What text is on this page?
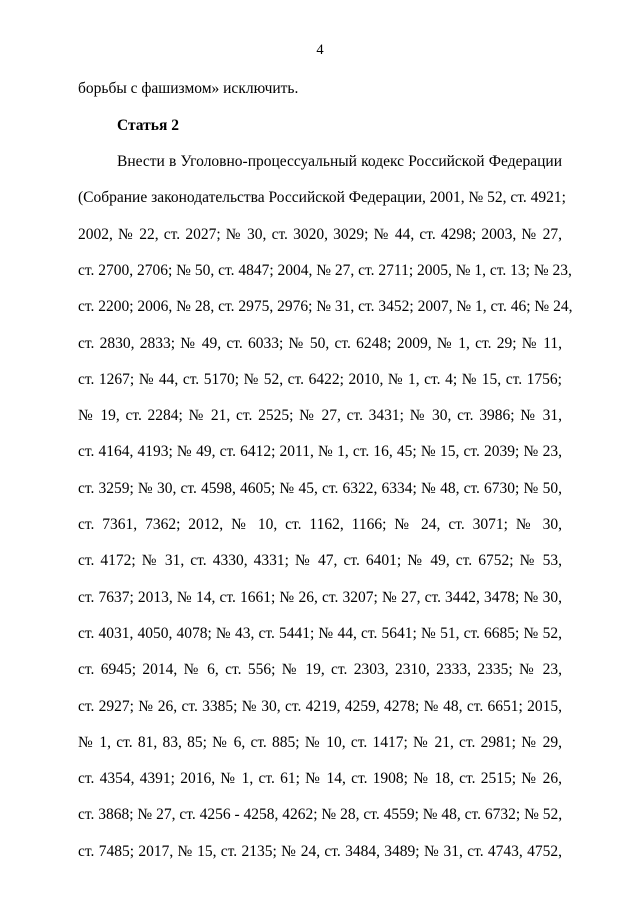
4
борьбы с фашизмом» исключить.
Статья 2
Внести в Уголовно-процессуальный кодекс Российской Федерации
(Собрание законодательства Российской Федерации, 2001, № 52, ст. 4921;
2002, № 22, ст. 2027; № 30, ст. 3020, 3029; № 44, ст. 4298; 2003, № 27,
ст. 2700, 2706; № 50, ст. 4847; 2004, № 27, ст. 2711; 2005, № 1, ст. 13; № 23,
ст. 2200; 2006, № 28, ст. 2975, 2976; № 31, ст. 3452; 2007, № 1, ст. 46; № 24,
ст. 2830, 2833; № 49, ст. 6033; № 50, ст. 6248; 2009, № 1, ст. 29; № 11,
ст. 1267; № 44, ст. 5170; № 52, ст. 6422; 2010, № 1, ст. 4; № 15, ст. 1756;
№ 19, ст. 2284; № 21, ст. 2525; № 27, ст. 3431; № 30, ст. 3986; № 31,
ст. 4164, 4193; № 49, ст. 6412; 2011, № 1, ст. 16, 45; № 15, ст. 2039; № 23,
ст. 3259; № 30, ст. 4598, 4605; № 45, ст. 6322, 6334; № 48, ст. 6730; № 50,
ст. 7361, 7362; 2012, № 10, ст. 1162, 1166; № 24, ст. 3071; № 30,
ст. 4172; № 31, ст. 4330, 4331; № 47, ст. 6401; № 49, ст. 6752; № 53,
ст. 7637; 2013, № 14, ст. 1661; № 26, ст. 3207; № 27, ст. 3442, 3478; № 30,
ст. 4031, 4050, 4078; № 43, ст. 5441; № 44, ст. 5641; № 51, ст. 6685; № 52,
ст. 6945; 2014, № 6, ст. 556; № 19, ст. 2303, 2310, 2333, 2335; № 23,
ст. 2927; № 26, ст. 3385; № 30, ст. 4219, 4259, 4278; № 48, ст. 6651; 2015,
№ 1, ст. 81, 83, 85; № 6, ст. 885; № 10, ст. 1417; № 21, ст. 2981; № 29,
ст. 4354, 4391; 2016, № 1, ст. 61; № 14, ст. 1908; № 18, ст. 2515; № 26,
ст. 3868; № 27, ст. 4256 - 4258, 4262; № 28, ст. 4559; № 48, ст. 6732; № 52,
ст. 7485; 2017, № 15, ст. 2135; № 24, ст. 3484, 3489; № 31, ст. 4743, 4752,
